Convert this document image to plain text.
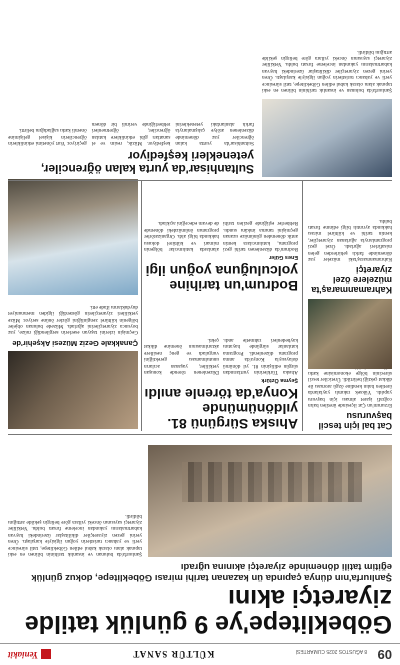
09 8 AĞUSTOS 2025 CUMARTESİ
KÜLTÜR SANAT
Yeniakit
Göbeklitepe'ye 9 günlük tatilde ziyaretçi akını

Şanlıurfa'nın dünya çapında ün kazanan tarihi mirası Göbeklitepe, dokuz günlük eğitim tatili döneminde ziyaretçi akınına uğradı

Şanlıurfa'da bulunan ve insanlık tarihinin bilinen en eski tapınak alanı olarak kabul edilen Göbeklitepe, tatil süresince yerli ve yabancı turistlerin yoğun ilgisiyle karşılaştı. Ören yerini gezen ziyaretçiler dikilitaşlar üzerindeki hayvan kabartmalarını yakından inceleme fırsatı buldu. Yetkililer ziyaretçi sayısının önceki yıllara göre belirgin şekilde arttığını bildirdi.

Cat bal için tescil başvurusu
Erzurum'un Çat ilçesinde üretilen balın coğrafi işaret alması için başvuru yapıldı. Yüksek rakımlı yaylalarda üretilen balın kendine özgü aroması ile dikkat çektiği belirtildi. Üreticiler tescil sürecinin bölge ekonomisine katkı
Kahramanmaraş'ta müzelere özel ziyaretçi
Kahramanmaraş'taki müzeler yaz döneminde farklı şehirlerden gelen misafirleri ağırladı. Özel gezi programlarıyla ağırlanan ziyaretçiler, kentin tarihi ve kültürel mirası hakkında ayrıntılı bilgi edinme fırsatı buldu.
Ahıska Sürgünü 81. yıldönümünde Konya'da törenle anıldı
Şeyma Öztürk
Ahıska Türklerinin yurtlarından sürgün edilişinin 81. yıl dönümü dolayısıyla Konya'da anma programı düzenlendi. Programa katılanlar sürgünde hayatını kaybedenleri rahmetle andı. Düzenlenen törende konuşan yetkililer, yaşanan acıların unutulmaması gerektiğini vurguladı ve genç nesillere aktarılmasının önemine dikkat çekti.
Bodrum'un tarihine yolculuğuna yoğun ilgi
Enes Güler
Bodrum'da düzenlenen tarihi gezi programı, katılımcılara kentin antik dönemden günümüze uzanan geçmişini tanıma imkânı sundu. Rehberler eşliğinde gezilen tarihi alanlarda katılımcılar bölgenin mimari ve kültürel dokusu hakkında bilgi aldı. Organizatörler programın önümüzdeki dönemde de devam edeceğini açıkladı.
Çanakkale Geziz Müzesi Akşehir'de
Geçmişin izlerini taşıyan eserlerin sergilendiği müze, yaz boyunca ziyaretçilerini ağırladı. Müzede bulunan objeler bölgenin kültürel zenginliğini gözler önüne seriyor. Müze yetkilileri ziyaretçilerin gösterdiği ilgiden memnuniyet duyduklarını ifade etti.
Sultanhisar'da yurta kalan öğrenciler, yetenekleri keşfediyor
Sultanhisar'da yurtta kalan öğrenciler yaz döneminde düzenlenen atölye çalışmalarıyla farklı alanlardaki yeteneklerini keşfediyor. Müzik, resim ve el sanatları gibi etkinliklere katılan öğrenciler, öğretmenleri rehberliğinde verimli bir dönem geçiriyor. Yurt yönetimi etkinliklerin öğrencilerin kişisel gelişimine önemli katkı sağladığını belirtti.
Şanlıurfa'da bulunan ve insanlık tarihinin bilinen en eski tapınak alanı olarak kabul edilen Göbeklitepe, tatil süresince yerli ve yabancı turistlerin yoğun ilgisiyle karşılaştı. Ören yerini gezen ziyaretçiler dikilitaşlar üzerindeki hayvan kabartmalarını yakından inceleme fırsatı buldu. Yetkililer ziyaretçi sayısının önceki yıllara göre belirgin şekilde arttığını bildirdi.
